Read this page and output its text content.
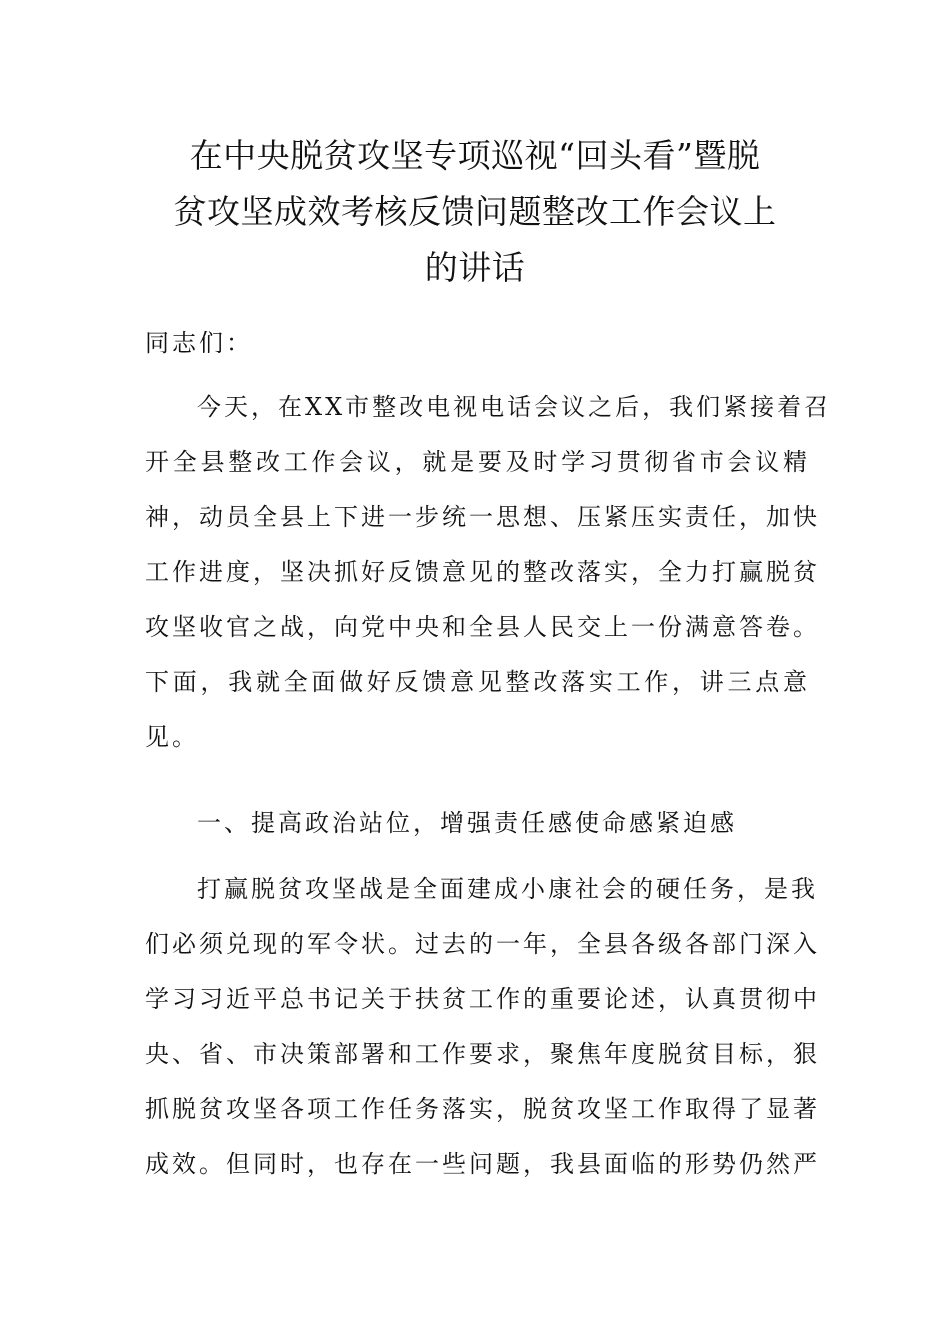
在中央脱贫攻坚专项巡视“回头看”暨脱
贫攻坚成效考核反馈问题整改工作会议上
的讲话
同志们：
今天，在XX市整改电视电话会议之后，我们紧接着召
开全县整改工作会议，就是要及时学习贯彻省市会议精
神，动员全县上下进一步统一思想、压紧压实责任，加快
工作进度，坚决抓好反馈意见的整改落实，全力打赢脱贫
攻坚收官之战，向党中央和全县人民交上一份满意答卷。
下面，我就全面做好反馈意见整改落实工作，讲三点意
见。
一、提高政治站位，增强责任感使命感紧迫感
打赢脱贫攻坚战是全面建成小康社会的硬任务，是我
们必须兑现的军令状。过去的一年，全县各级各部门深入
学习习近平总书记关于扶贫工作的重要论述，认真贯彻中
央、省、市决策部署和工作要求，聚焦年度脱贫目标，狠
抓脱贫攻坚各项工作任务落实，脱贫攻坚工作取得了显著
成效。但同时，也存在一些问题，我县面临的形势仍然严
